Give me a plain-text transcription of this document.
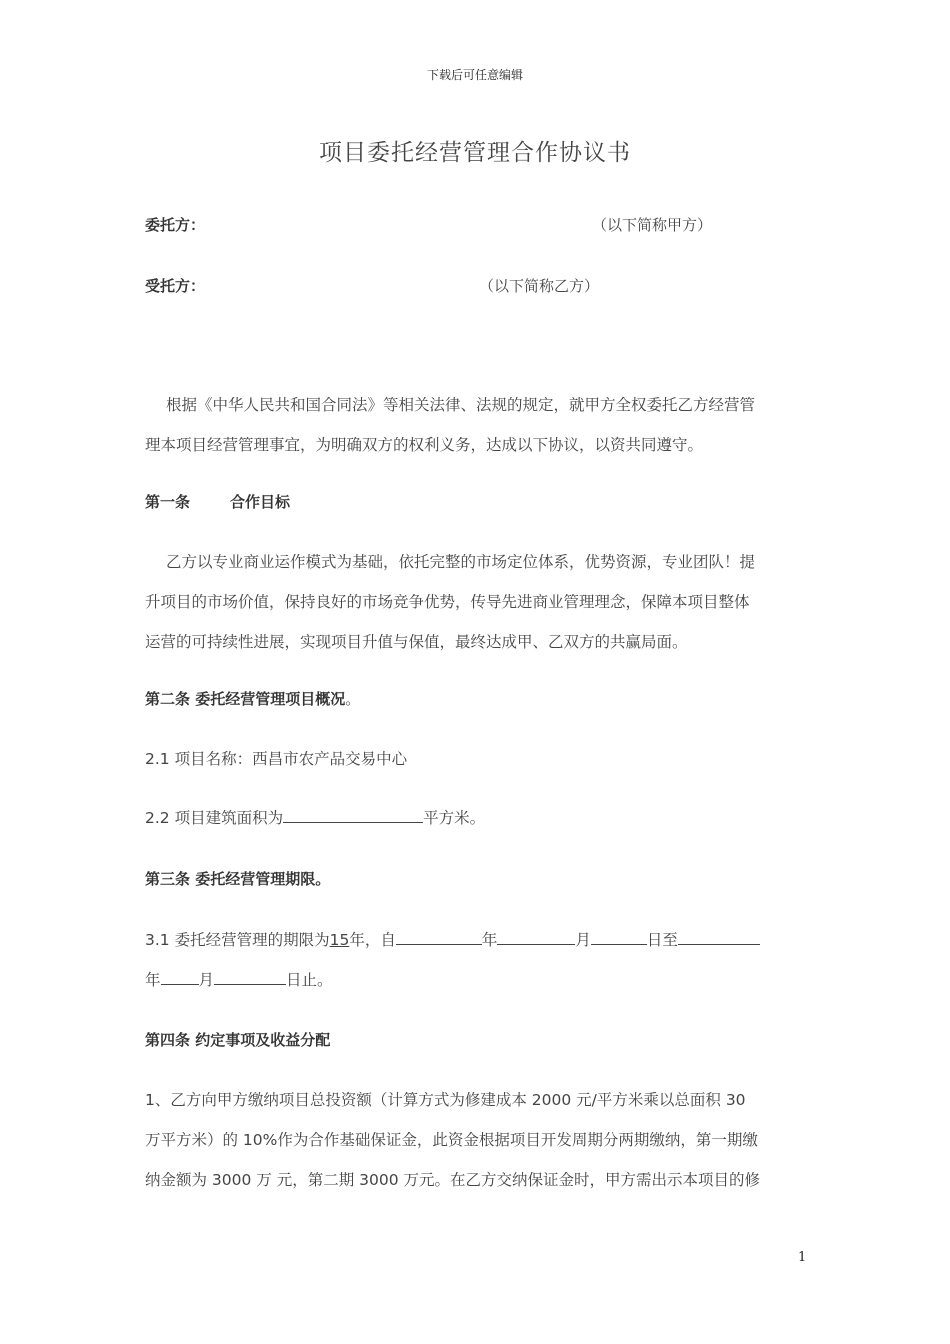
下载后可任意编辑
项目委托经营管理合作协议书
委托方：	（以下简称甲方）
受托方：	（以下简称乙方）
根据《中华人民共和国合同法》等相关法律、法规的规定，就甲方全权委托乙方经营管
理本项目经营管理事宜，为明确双方的权利义务，达成以下协议，以资共同遵守。
第一条	合作目标
乙方以专业商业运作模式为基础，依托完整的市场定位体系，优势资源，专业团队！提
升项目的市场价值，保持良好的市场竞争优势，传导先进商业管理理念，保障本项目整体
运营的可持续性进展，实现项目升值与保值，最终达成甲、乙双方的共赢局面。
第二条 委托经营管理项目概况。
2.1 项目名称：西昌市农产品交易中心
2.2 项目建筑面积为	平方米。
第三条 委托经营管理期限。
3.1 委托经营管理的期限为15年，自	年	月	日至
年 月	日止。
第四条 约定事项及收益分配
1、乙方向甲方缴纳项目总投资额（计算方式为修建成本 2000 元/平方米乘以总面积 30
万平方米）的 10%作为合作基础保证金，此资金根据项目开发周期分两期缴纳，第一期缴
纳金额为 3000 万 元，第二期 3000 万元。在乙方交纳保证金时，甲方需出示本项目的修
1
